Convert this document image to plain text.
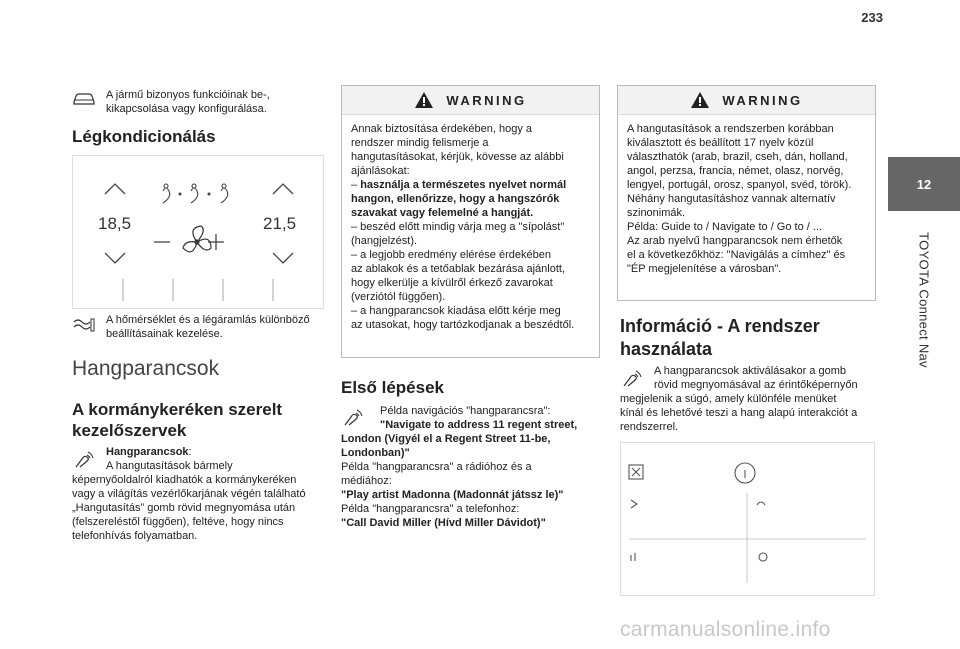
233
12
TOYOTA Connect Nav
A jármű bizonyos funkcióinak be-, kikapcsolása vagy konfigurálása.
Légkondicionálás
18,5	21,5
A hőmérséklet és a légáramlás különböző beállításainak kezelése.
Hangparancsok
A kormánykeréken szerelt kezelőszervek
Hangparancsok:
A hangutasítások bármely
képernyőoldalról kiadhatók a kormánykeréken
vagy a világítás vezérlőkarjának végén található
„Hangutasítás” gomb rövid megnyomása után
(felszereléstől függően), feltéve, hogy nincs
telefonhívás folyamatban.
WARNING
Annak biztosítása érdekében, hogy a
rendszer mindig felismerje a
hangutasításokat, kérjük, kövesse az alábbi
ajánlásokat:
– használja a természetes nyelvet normál
hangon, ellenőrizze, hogy a hangszórók
szavakat vagy felemelné a hangját.
– beszéd előtt mindig várja meg a "sípolást"
(hangjelzést).
– a legjobb eredmény elérése érdekében
az ablakok és a tetőablak bezárása ajánlott,
hogy elkerülje a kívülről érkező zavarokat
(verziótól függően).
– a hangparancsok kiadása előtt kérje meg
az utasokat, hogy tartózkodjanak a beszédtől.
Első lépések
Példa navigációs "hangparancsra":
"Navigate to address 11 regent street,
London (Vigyél el a Regent Street 11-be,
Londonban)"
Példa "hangparancsra" a rádióhoz és a
médiához:
"Play artist Madonna (Madonnát játssz le)"
Példa "hangparancsra" a telefonhoz:
"Call David Miller (Hívd Miller Dávidot)"
WARNING
A hangutasítások a rendszerben korábban
kiválasztott és beállított 17 nyelv közül
választhatók (arab, brazil, cseh, dán, holland,
angol, perzsa, francia, német, olasz, norvég,
lengyel, portugál, orosz, spanyol, svéd, török).
Néhány hangutasításhoz vannak alternatív
szinonimák.
Példa: Guide to / Navigate to / Go to / ...
Az arab nyelvű hangparancsok nem érhetők
el a következőkhöz: "Navigálás a címhez" és
"ÉP megjelenítése a városban".
Információ - A rendszer
használata
A hangparancsok aktiválásakor a gomb
rövid megnyomásával az érintőképernyőn
megjelenik a súgó, amely különféle menüket
kínál és lehetővé teszi a hang alapú interakciót a
rendszerrel.
carmanualsonline.info
